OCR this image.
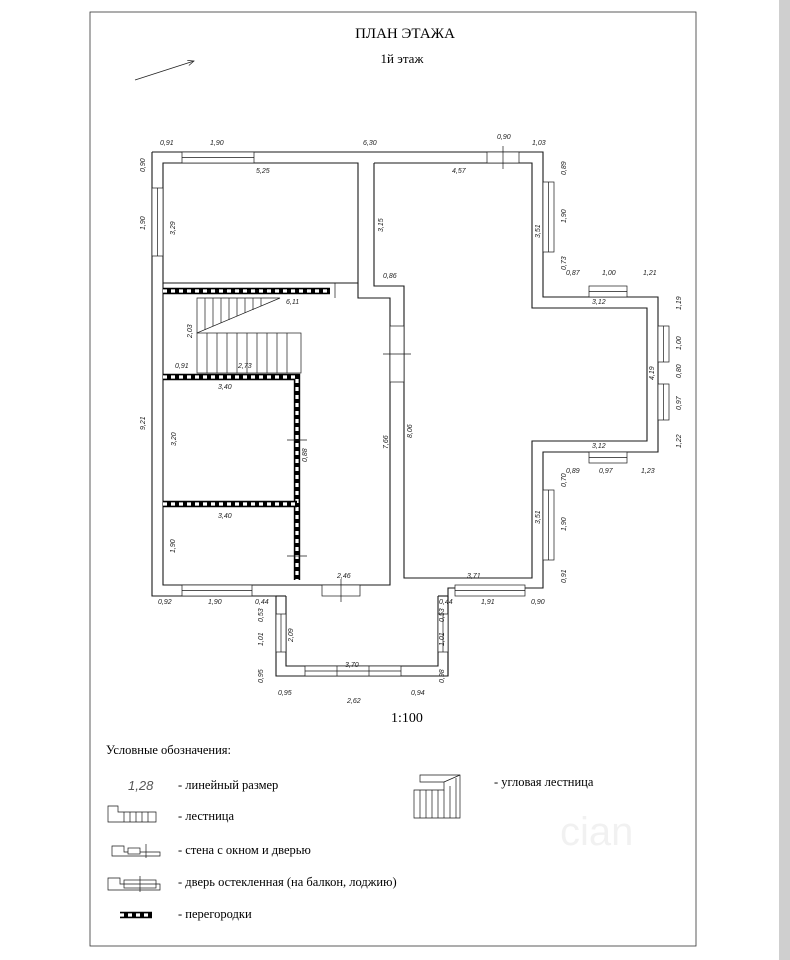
cian
ПЛАН ЭТАЖА
1й этаж
0,91	1,90	6,30
0,90
1,03
5,25	4,57
0,90
1,90	3,29	3,15	3,51
9,21
1,90
0,89
1,90
0,73
0,87	1,00	1,21
3,12	1,19
1,00
0,80
4,19
0,97
1,22
3,12
0,89	0,97	1,23
0,70
3,51
1,90
0,91
0,86
6,11
2,03
0,91	2,73
3,40
3,20
0,88
7,66
8,06
3,40
2,46	3,71
0,92	1,90	0,44
0,53
0,44	1,91	0,90
0,53
1,01	2,09	1,01
3,70
0,95	0,98
0,95
2,62
0,94
1:100
Условные обозначения:
1,28 - линейный размер
- лестница
- стена с окном и дверью
- дверь остекленная (на балкон, лоджию)
- перегородки
- угловая лестница
